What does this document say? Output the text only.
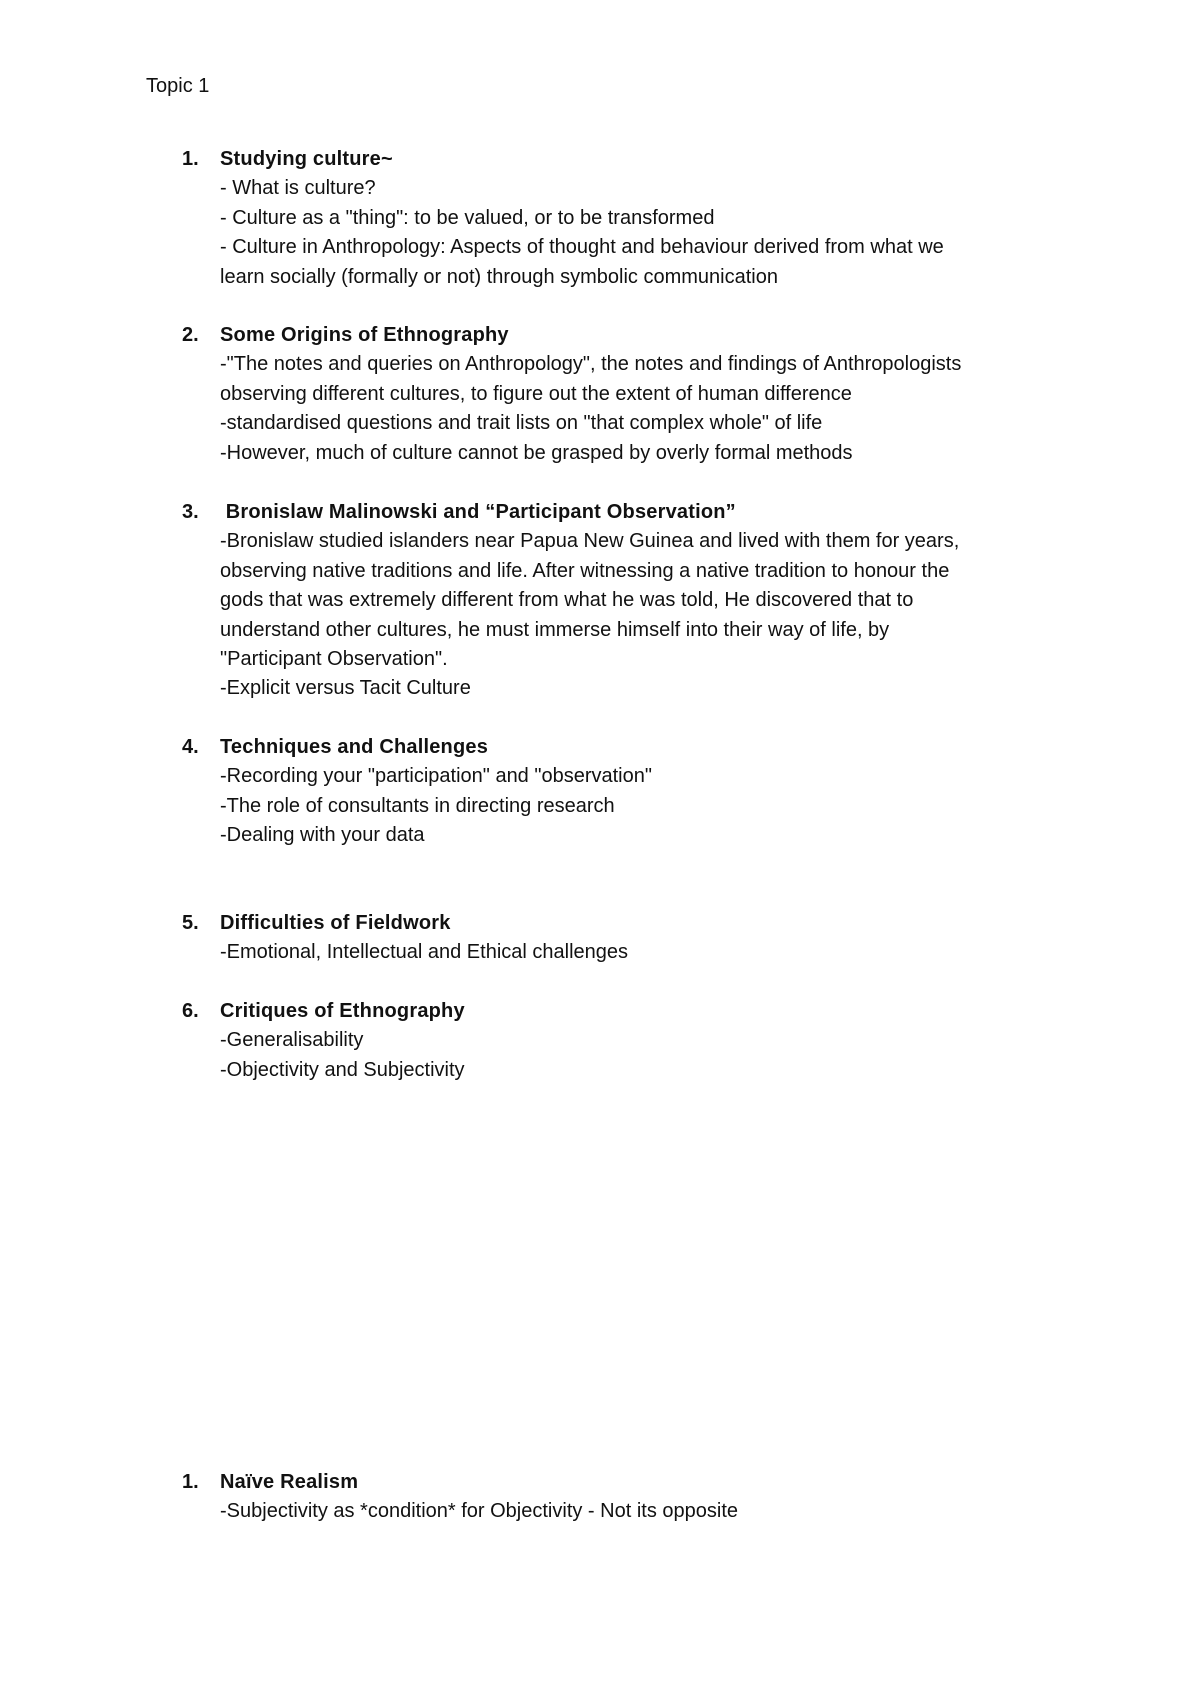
Topic 1
1. Studying culture~
- What is culture?
- Culture as a "thing": to be valued, or to be transformed
- Culture in Anthropology: Aspects of thought and behaviour derived from what we
learn socially (formally or not) through symbolic communication
2. Some Origins of Ethnography
-"The notes and queries on Anthropology", the notes and findings of Anthropologists
observing different cultures, to figure out the extent of human difference
-standardised questions and trait lists on "that complex whole" of life
-However, much of culture cannot be grasped by overly formal methods
3. Bronislaw Malinowski and “Participant Observation”
-Bronislaw studied islanders near Papua New Guinea and lived with them for years,
observing native traditions and life. After witnessing a native tradition to honour the
gods that was extremely different from what he was told, He discovered that to
understand other cultures, he must immerse himself into their way of life, by
"Participant Observation".
-Explicit versus Tacit Culture
4. Techniques and Challenges
-Recording your "participation" and "observation"
-The role of consultants in directing research
-Dealing with your data
5. Difficulties of Fieldwork
-Emotional, Intellectual and Ethical challenges
6. Critiques of Ethnography
-Generalisability
-Objectivity and Subjectivity
1. Naïve Realism
-Subjectivity as *condition* for Objectivity - Not its opposite
